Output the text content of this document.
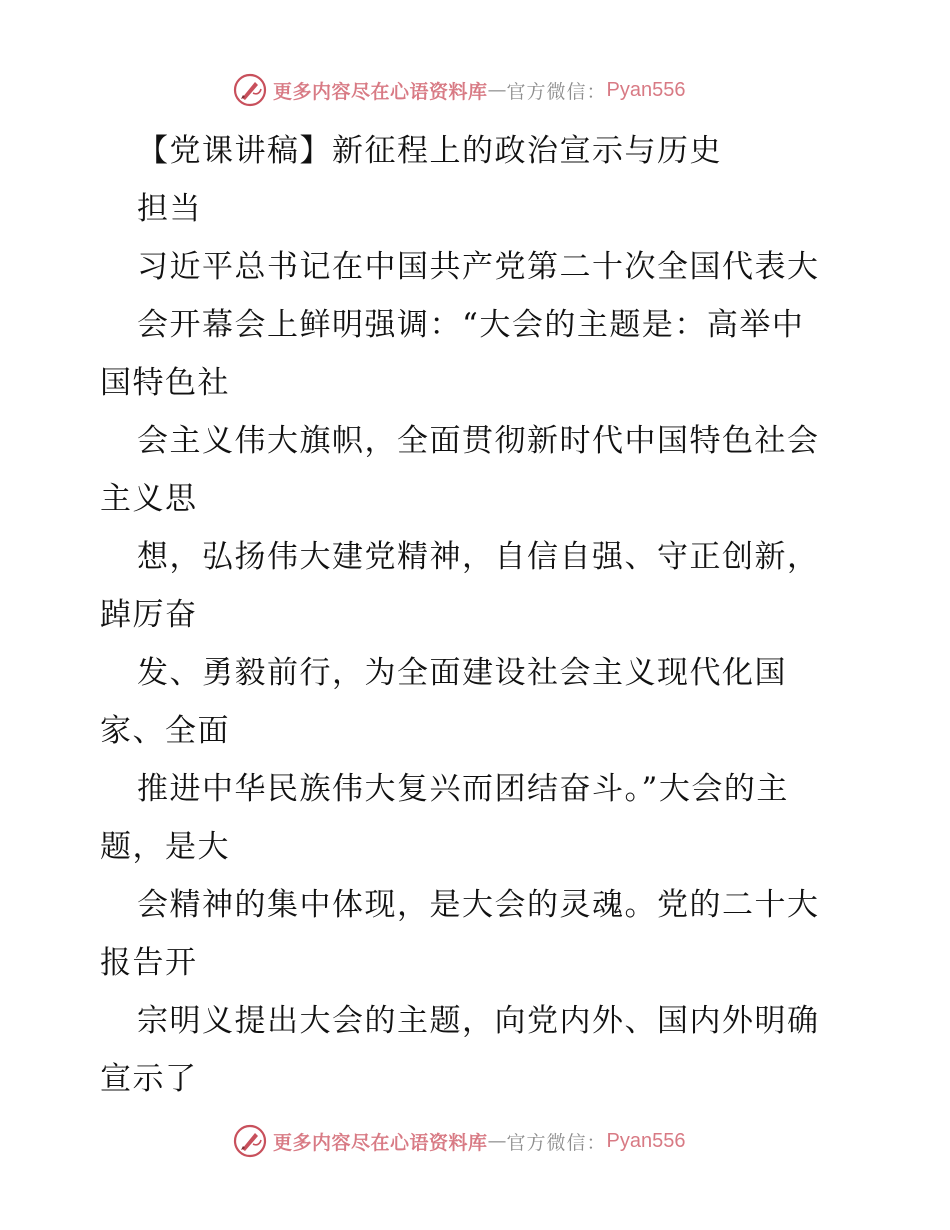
更多内容尽在心语资料库 — 官方微信： Pyan556
【党课讲稿】新征程上的政治宣示与历史
担当
习近平总书记在中国共产党第二十次全国代表大
会开幕会上鲜明强调：“大会的主题是：高举中
国特色社
会主义伟大旗帜，全面贯彻新时代中国特色社会
主义思
想，弘扬伟大建党精神，自信自强、守正创新，
踔厉奋
发、勇毅前行，为全面建设社会主义现代化国
家、全面
推进中华民族伟大复兴而团结奋斗。”大会的主
题，是大
会精神的集中体现，是大会的灵魂。党的二十大
报告开
宗明义提出大会的主题，向党内外、国内外明确
宣示了
更多内容尽在心语资料库 — 官方微信： Pyan556
